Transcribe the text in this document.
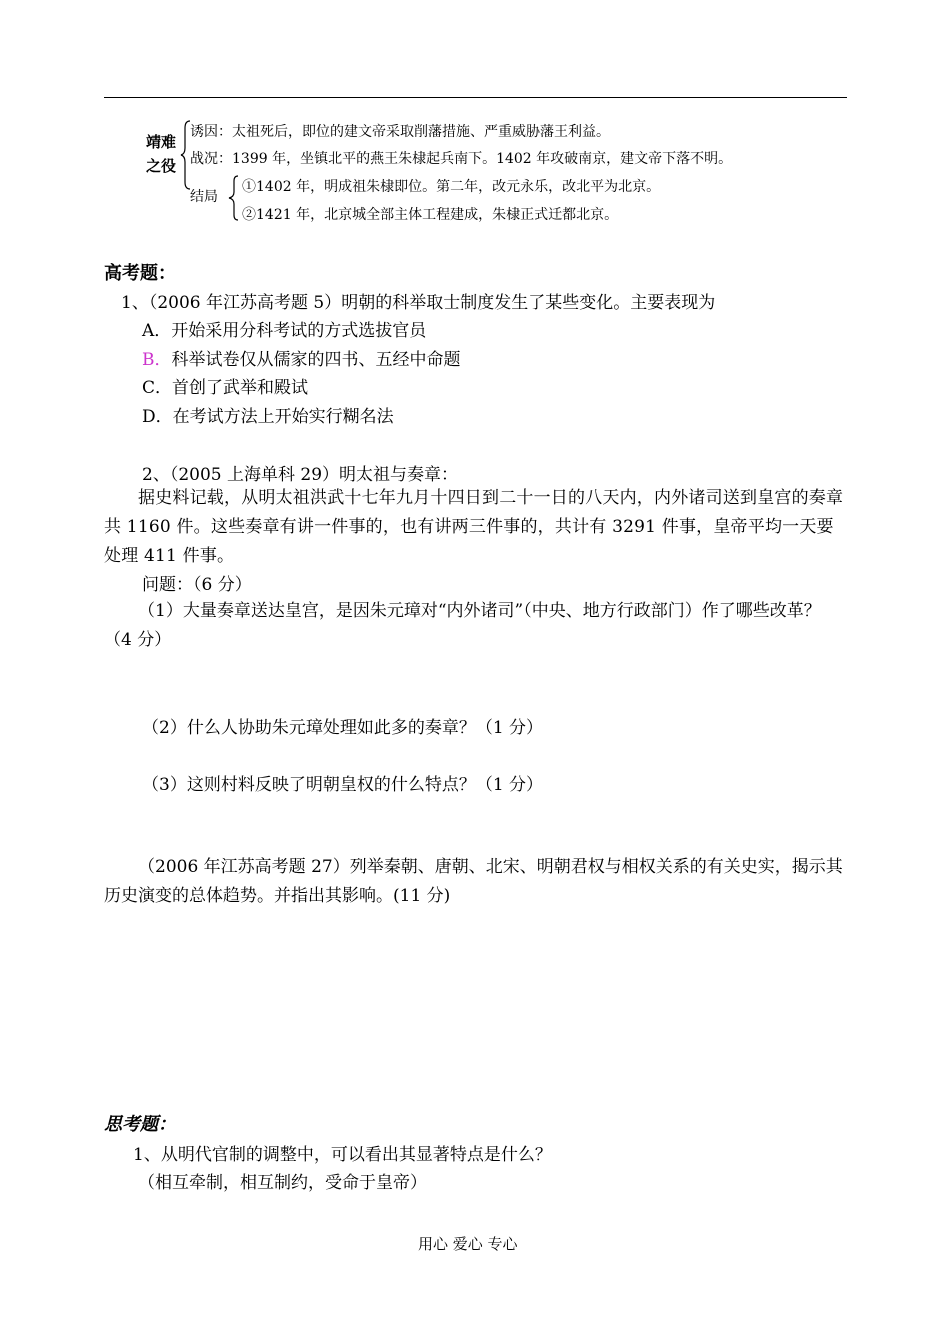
靖难
之役
诱因：太祖死后，即位的建文帝采取削藩措施、严重威胁藩王利益。
战况：1399 年，坐镇北平的燕王朱棣起兵南下。1402 年攻破南京，建文帝下落不明。
结局
①1402 年，明成祖朱棣即位。第二年，改元永乐，改北平为北京。
②1421 年，北京城全部主体工程建成，朱棣正式迁都北京。
高考题：
1、（2006 年江苏高考题 5）明朝的科举取士制度发生了某些变化。主要表现为
A．开始采用分科考试的方式选拔官员
B．科举试卷仅从儒家的四书、五经中命题
C．首创了武举和殿试
D．在考试方法上开始实行糊名法
2、（2005 上海单科 29）明太祖与奏章：
据史料记载，从明太祖洪武十七年九月十四日到二十一日的八天内，内外诸司送到皇宫的奏章共 1160 件。这些奏章有讲一件事的，也有讲两三件事的，共计有 3291 件事，皇帝平均一天要处理 411 件事。
问题：（6 分）
（1）大量奏章送达皇宫，是因朱元璋对“内外诸司”（中央、地方行政部门）作了哪些改革？（4 分）
（2）什么人协助朱元璋处理如此多的奏章？（1 分）
（3）这则村料反映了明朝皇权的什么特点？（1 分）
（2006 年江苏高考题 27）列举秦朝、唐朝、北宋、明朝君权与相权关系的有关史实，揭示其历史演变的总体趋势。并指出其影响。(11 分)
思考题：
1、从明代官制的调整中，可以看出其显著特点是什么？
（相互牵制，相互制约，受命于皇帝）
用心 爱心 专心
